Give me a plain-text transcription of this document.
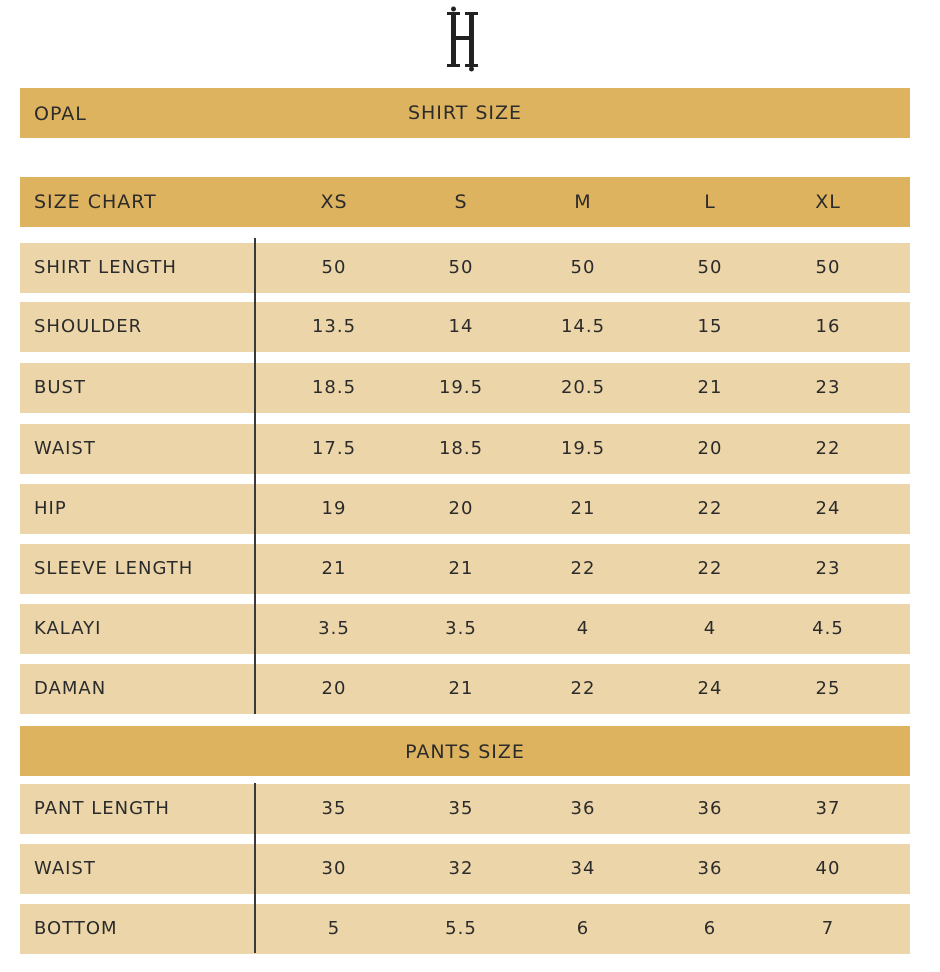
OPAL	SHIRT SIZE
SIZE CHART	XS	S	M	L	XL
SHIRT LENGTH	50	50	50	50	50
SHOULDER	13.5	14	14.5	15	16
BUST	18.5	19.5	20.5	21	23
WAIST	17.5	18.5	19.5	20	22
HIP	19	20	21	22	24
SLEEVE LENGTH	21	21	22	22	23
KALAYI	3.5	3.5	4	4	4.5
DAMAN	20	21	22	24	25
PANTS SIZE
PANT LENGTH	35	35	36	36	37
WAIST	30	32	34	36	40
BOTTOM	5	5.5	6	6	7
